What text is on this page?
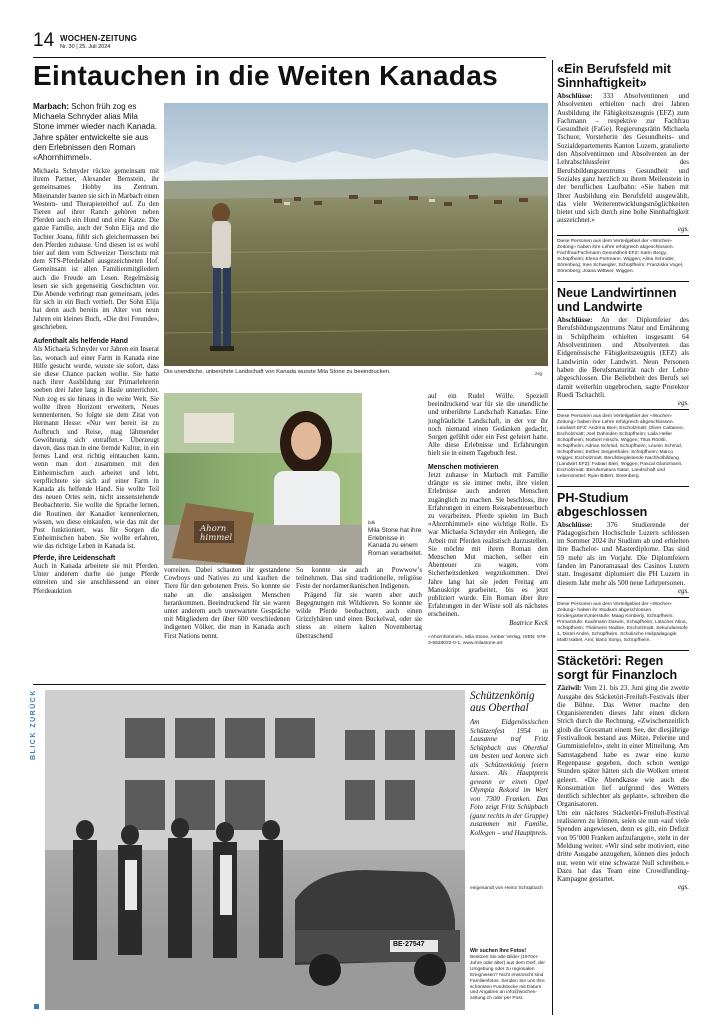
14 WOCHEN-ZEITUNG
Nr. 30 | 25. Juli 2024
Eintauchen in die Weiten Kanadas
Marbach: Schon früh zog es Michaela Schnyder alias Mila Stone immer wieder nach Kanada. Jahre später entwickelte sie aus den Erlebnissen den Roman «Ahornhimmel».

Michaela Schnyder rückte gemeinsam mit ihrem Partner, Alexander Bernstein, ihr gemeinsames Hobby ins Zentrum. Miteinander bauten sie sich in Marbach einen Western- und Therapiereithof auf. Zu den Tieren auf ihrer Ranch gehören neben Pferden auch ein Hund und eine Katze. Die ganze Familie, auch der Sohn Elija und die Tochter Joana, fühlt sich gleichermassen bei den Pferden zuhause. Und diesen ist es wohl hier auf dem vom Schweizer Tierschutz mit dem STS-Pferdelabel ausgezeichneten Hof. Gemeinsam ist allen Familienmitgliedern auch die Freude am Lesen. Regelmässig lesen sie sich gegenseitig Geschichten vor. Die Abende verbringt man gemeinsam, jedes für sich in ein Buch vertieft. Der Sohn Elija hat denn auch bereits im Alter von neun Jahren ein kleines Buch, «Die drei Freunde», geschrieben.

Aufenthalt als helfende Hand

Als Michaela Schnyder vor Jahren ein Inserat las, wonach auf einer Farm in Kanada eine Hilfe gesucht wurde, wusste sie sofort, dass sie diese Chance packen wollte. Sie hatte nach ihrer Ausbildung zur Primarlehrerin soeben drei Jahre lang in Hasle unterrichtet. Nun zog es sie hinaus in die weite Welt. Sie wollte ihren Horizont erweitern, Neues kennenlernen. So folgte sie dem Zitat von Hermann Hesse: «Nur wer bereit ist zu Aufbruch und Reise, mag lähmender Gewöhnung sich entraffen.» Überzeugt davon, dass man in eine fremde Kultur, in ein fernes Land erst richtig eintauchen kann, wenn man dort zusammen mit den Einheimischen auch arbeitet und lebt, verpflichtete sie sich auf einer Farm in Kanada als helfende Hand. Sie wollte Teil des neuen Ortes sein, nicht aussenstehende Beobachterin. Sie wollte die Sprache lernen, die Routinen der Kanadier kennenlernen, wissen, wo diese einkaufen, wie das mit der Post funktioniert, was für Sorgen die Einheimischen haben. Sie wollte erfahren, wie das richtige Leben in Kanada ist.

Pferde, ihre Leidenschaft

Auch in Kanada arbeitete sie mit Pferden. Unter anderem durfte sie junge Pferde einreiten und sie anschliessend an einer Pferdeauktion

Die unendliche, unberührte Landschaft von Kanada wusste Mila Stone zu beeindrucken.	zvg
Ahorn himmel
bdk
Mila Stone hat ihre Erlebnisse in Kanada zu einem Roman verarbeitet.

vorreiten. Dabei schauten ihr gestandene Cowboys und Natives zu und kauften die Tiere für den gebotenen Preis. So konnte sie nahe an die ansässigen Menschen herankommen. Beeindruckend für sie waren unter anderem auch unerwartete Gespräche mit Mitgliedern der über 600 verschiedenen indigenen Völker, die man in Kanada auch First Nations nennt.

So konnte sie auch an Powwow’s teilnehmen. Das sind traditionelle, religiöse Feste der nordamerikanischen Indigenen.

Prägend für sie waren aber auch Begegnungen mit Wildtieren. So konnte sie wilde Pferde beobachten, auch einen Grizzlybären und einen Buckelwal, oder sie stiess an einem kalten Novembertag überraschend

auf ein Rudel Wölfe. Speziell beeindruckend war für sie die unendliche und unberührte Landschaft Kanadas. Eine jungfräuliche Landschaft, in der vor ihr noch niemand einen Gedanken gedacht, Sorgen gefühlt oder ein Fest gefeiert hatte. Alle diese Erlebnisse und Erfahrungen hielt sie in einem Tagebuch fest.

Menschen motivieren

Jetzt zuhause in Marbach mit Familie drängte es sie immer mehr, ihre vielen Erlebnisse auch anderen Menschen zugänglich zu machen. Sie beschloss, ihre Erfahrungen in einem Reiseabenteuerbuch zu verarbeiten. Pferde spielen im Buch «Ahornhimmel» eine wichtige Rolle. Es war Michaela Schnyder ein Anliegen, die Arbeit mit Pferden realistisch darzustellen. Sie möchte mit ihrem Roman den Menschen Mut machen, selber ein Abenteuer zu wagen, vom Sicherheitsdenken wegzukommen. Drei Jahre lang hat sie jeden Freitag am Manuskript gearbeitet, bis es jetzt publiziert wurde. Ein Roman über ihre Erfahrungen in der Wüste soll als nächstes erscheinen.

Beatrice Keck

«Ahornhimmel», Mila Stone, Amber Verlag, ISBN: 978-3-9528022-0-1, www.milastone.art

BLICK ZURÜCK
BE·27547
Schützenkönig aus Oberthal
Am Eidgenössischen Schützenfest 1954 in Lausanne traf Fritz Schüpbach aus Oberthal am besten und konnte sich als Schützenkönig feiern lassen. Als Hauptpreis gewann er einen Opel Olympia Rekord im Wert von 7300 Franken. Das Foto zeigt Fritz Schüpbach (ganz rechts in der Gruppe) zusammen mit Familie, Kollegen – und Hauptpreis.
eingesandt von Heinz Schüpbach
Wir suchen Ihre Fotos!
Besitzen Sie alte Bilder (1970er-Jahre oder älter) aus dem Dorf, der Umgebung oder zu regionalen Ereignissen? Nicht erwünscht sind Familienfotos. Senden Sie uns Ihre schönsten Fundstücke mit Datum und Angaben an info@wochen-zeitung.ch oder per Post.
«Ein Berufsfeld mit Sinnhaftigkeit»

Abschlüsse: 333 Absolventinnen und Absolventen erhielten nach drei Jahren Ausbildung ihr Fähigkeitszeugnis (EFZ) zum Fachmann – respektive zur Fachfrau Gesundheit (FaGe). Regierungsrätin Michaela Tschuor, Vorsteherin des Gesundheits- und Sozialdepartements Kanton Luzern, gratulierte den Absolventinnen und Absolventen an der Lehrabschlussfeier des Berufsbildungszentrums Gesundheit und Soziales ganz herzlich zu ihrem Meilenstein in der beruflichen Laufbahn: «Sie haben mit Ihrer Ausbildung ein Berufsfeld ausgewählt, das viele Weiterentwicklungsmöglichkeiten bietet und sich durch eine hohe Sinnhaftigkeit auszeichnet.»

egs.

Diese Personen aus dem Verteilgebiet der «Wochen-Zeitung» haben ihre Lehre erfolgreich abgeschlossen. Fachfrau/Fachmann Gesundheit EFZ: Karin Bregy, Schüpfheim; Elena Portmann, Wiggen; Alina Schnider, Sörenberg; Ines Schwegler, Schüpfheim; Franziska Vogel, Sörenberg; Joana Wittwer, Wiggen.

Neue Landwirtinnen und Landwirte

Abschlüsse: An der Diplomfeier des Berufsbildungszentrums Natur und Ernährung in Schüpfheim erhielten insgesamt 64 Absolventinnen und Absolventen das Eidgenössische Fähigkeitszeugnis (EFZ) als Landwirtin oder Landwirt. Neun Personen haben die Berufsmaturität nach der Lehre abgeschlossen. Die Beliebtheit des Berufs sei damit weiterhin ungebrochen, sagte Prorektor Ruedi Tschachtli.

egs.

Diese Personen aus dem Verteilgebiet der «Wochen-Zeitung» haben ihre Lehre erfolgreich abgeschlossen. Landwirt EFZ: Andrina Bieri, Escholzmatt; Oliver Cattaneo, Escholzmatt; Joel Dahinden Schüpfheim; Laila Heller Schüpfheim; Norbert Hirschi, Wiggen; Titus Röösli, Schüpfheim; Adrian Schmid, Schüpfheim; Leunin Schmid, Schüpfheim; Esther Siegenthaler, Schüpfheim; Marco Wigger, Escholzmatt. Berufsbegleitende Nachholbildung (Landwirt EFZ): Fabian Bieri, Wiggen; Pascal Glanzmann, Escholzmatt. Berufsmatura Natur, Landschaft und Lebensmittel: Ryan Bittert, Sörenberg.

PH-Studium abgeschlossen

Abschlüsse: 376 Studierende der Pädagogischen Hochschule Luzern schlossen im Sommer 2024 ihr Studium ab und erhielten ihre Bachelor- und Masterdiplome. Das sind 59 mehr als im Vorjahr. Die Diplomfeiern fanden im Panoramasaal des Casinos Luzern statt. Insgesamt diplomiert die PH Luzern in diesem Jahr mehr als 500 neue Lehrpersonen.

egs.

Diese Personen aus dem Verteilgebiet der «Wochen-Zeitung» haben ihr Studium abgeschlossen. Kindergarten/Unterstufe: Maag Kimberly, Schüpfheim. Primarstufe: Kaufmann Darwin, Schüpfheim; Lötscher Alina, Schüpfheim; Thalmann Nadine, Escholzmatt. Sekundarstufe 1, Distel André, Schüpfheim. Schulische Heilpädagogik: Mattl Isabel, Arni; Banz Sonja, Schüpfheim.

Stäcketöri: Regen sorgt für Finanzloch

Zäziwil: Vom 21. bis 23. Juni ging die zweite Ausgabe des Stäcketöri-Freiluft-Festivals über die Bühne. Das Wetter machte den Organisierenden dieses Jahr einen dicken Strich durch die Rechnung. «Zwischenzeitlich gloib die Grossmatt einem See, der diesjährige Festivallook bestand aus Mütze, Pelerine und Gummistiefeln», steht in einer Mitteilung. Am Samstagabend habe es zwar eine kurze Regenpause gegeben, doch schon wenige Stunden später hätten sich die Wolken erneut geleert. «Die Abendkasse wie auch die Konsumation lief aufgrund des Wetters deutlich schlechter als geplant», schreiben die Organisatoren.

Um ein nächstes Stäcketöri-Freiluft-Festival realisieren zu können, seien sie nun «auf viele Spenden angewiesen, denn es gilt, ein Defizit von 95’000 Franken aufzufangen», steht in der Meldung weiter. «Wir sind sehr motiviert, eine dritte Ausgabe anzugehen, können dies jedoch nur, wenn wir eine schwarze Null schreiben.» Dazu hat das Team eine Crowdfunding-Kampagne gestartet.

egs.
